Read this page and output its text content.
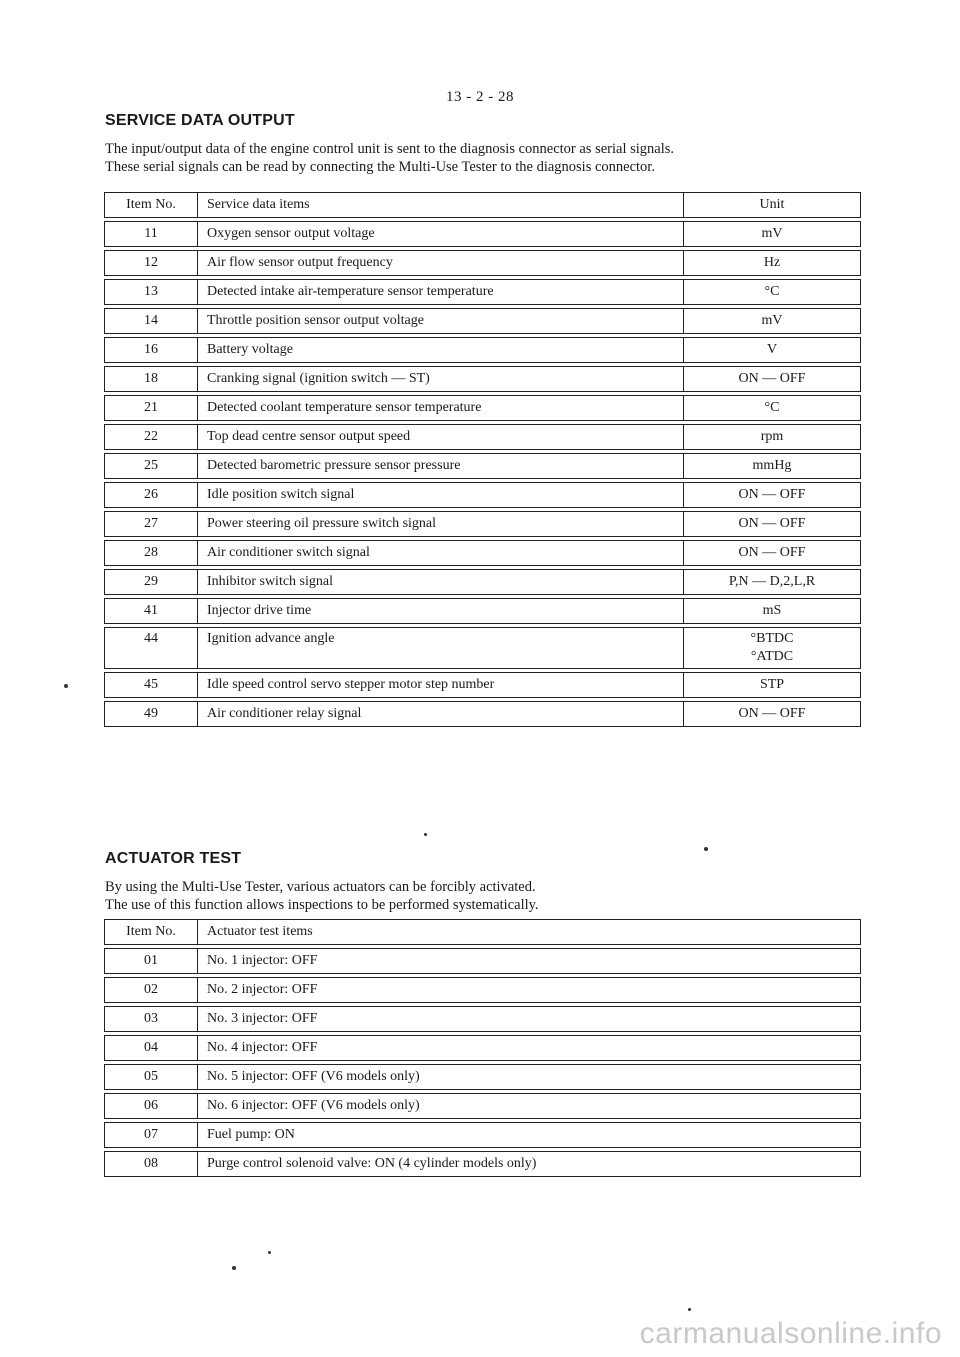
13 - 2 - 28
SERVICE DATA OUTPUT

The input/output data of the engine control unit is sent to the diagnosis connector as serial signals.

These serial signals can be read by connecting the Multi-Use Tester to the diagnosis connector.

Item No.	Service data items	Unit

11	Oxygen sensor output voltage	mV

12	Air flow sensor output frequency	Hz

13	Detected intake air-temperature sensor temperature	°C

14	Throttle position sensor output voltage	mV

16	Battery voltage	V

18	Cranking signal (ignition switch — ST)	ON — OFF

21	Detected coolant temperature sensor temperature	°C

22	Top dead centre sensor output speed	rpm

25	Detected barometric pressure sensor pressure	mmHg

26	Idle position switch signal	ON — OFF

27	Power steering oil pressure switch signal	ON — OFF

28	Air conditioner switch signal	ON — OFF

29	Inhibitor switch signal	P,N — D,2,L,R

41	Injector drive time	mS

44	Ignition advance angle	°BTDC
°ATDC

45	Idle speed control servo stepper motor step number	STP

49	Air conditioner relay signal	ON — OFF
ACTUATOR TEST

By using the Multi-Use Tester, various actuators can be forcibly activated.

The use of this function allows inspections to be performed systematically.

Item No.	Actuator test items

01	No. 1 injector: OFF

02	No. 2 injector: OFF

03	No. 3 injector: OFF

04	No. 4 injector: OFF

05	No. 5 injector: OFF (V6 models only)

06	No. 6 injector: OFF (V6 models only)

07	Fuel pump: ON

08	Purge control solenoid valve: ON (4 cylinder models only)
carmanualsonline.info
